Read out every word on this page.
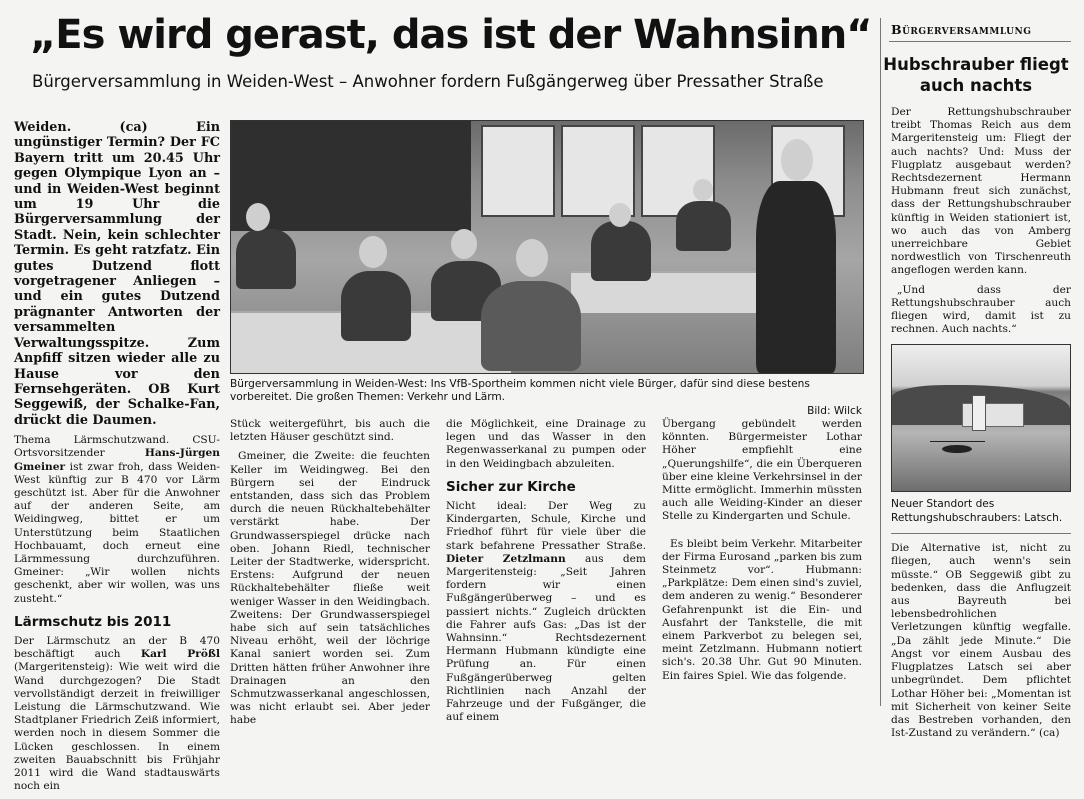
„Es wird gerast, das ist der Wahnsinn“
Bürgerversammlung in Weiden-West – Anwohner fordern Fußgängerweg über Pressather Straße

Weiden. (ca) Ein ungünstiger Termin? Der FC Bayern tritt um 20.45 Uhr gegen Olympique Lyon an – und in Weiden-West beginnt um 19 Uhr die Bürgerversammlung der Stadt. Nein, kein schlechter Termin. Es geht ratzfatz. Ein gutes Dutzend flott vorgetragener Anliegen – und ein gutes Dutzend prägnanter Antworten der versammelten Verwaltungsspitze. Zum Anpfiff sitzen wieder alle zu Hause vor den Fernsehgeräten. OB Kurt Seggewiß, der Schalke-Fan, drückt die Daumen.

Thema Lärmschutzwand. CSU-Ortsvorsitzender Hans-Jürgen Gmeiner ist zwar froh, dass Weiden-West künftig zur B 470 vor Lärm geschützt ist. Aber für die Anwohner auf der anderen Seite, am Weidingweg, bittet er um Unterstützung beim Staatlichen Hochbauamt, doch erneut eine Lärmmessung durchzuführen. Gmeiner: „Wir wollen nichts geschenkt, aber wir wollen, was uns zusteht.“

Lärmschutz bis 2011

Der Lärmschutz an der B 470 beschäftigt auch Karl Prößl (Margeritensteig): Wie weit wird die Wand durchgezogen? Die Stadt vervollständigt derzeit in freiwilliger Leistung die Lärmschutzwand. Wie Stadtplaner Friedrich Zeiß informiert, werden noch in diesem Sommer die Lücken geschlossen. In einem zweiten Bauabschnitt bis Frühjahr 2011 wird die Wand stadtauswärts noch ein

Bürgerversammlung in Weiden-West: Ins VfB-Sportheim kommen nicht viele Bürger, dafür sind diese bestens vorbereitet. Die großen Themen: Verkehr und Lärm.
Bild: Wilck

Stück weitergeführt, bis auch die letzten Häuser geschützt sind.

Gmeiner, die Zweite: die feuchten Keller im Weidingweg. Bei den Bürgern sei der Eindruck entstanden, dass sich das Problem durch die neuen Rückhaltebehälter verstärkt habe. Der Grundwasserspiegel drücke nach oben. Johann Riedl, technischer Leiter der Stadtwerke, widerspricht. Erstens: Aufgrund der neuen Rückhaltebehälter fließe weit weniger Wasser in den Weidingbach. Zweitens: Der Grundwasserspiegel habe sich auf sein tatsächliches Niveau erhöht, weil der löchrige Kanal saniert worden sei. Zum Dritten hätten früher Anwohner ihre Drainagen an den Schmutzwasserkanal angeschlossen, was nicht erlaubt sei. Aber jeder habe

die Möglichkeit, eine Drainage zu legen und das Wasser in den Regenwasserkanal zu pumpen oder in den Weidingbach abzuleiten.

Sicher zur Kirche

Nicht ideal: Der Weg zu Kindergarten, Schule, Kirche und Friedhof führt für viele über die stark befahrene Pressather Straße. Dieter Zetzlmann aus dem Margeritensteig: „Seit Jahren fordern wir einen Fußgängerüberweg – und es passiert nichts.“ Zugleich drückten die Fahrer aufs Gas: „Das ist der Wahnsinn.“ Rechtsdezernent Hermann Hubmann kündigte eine Prüfung an. Für einen Fußgängerüberweg gelten Richtlinien nach Anzahl der Fahrzeuge und der Fußgänger, die auf einem

Übergang gebündelt werden könnten. Bürgermeister Lothar Höher empfiehlt eine „Querungshilfe“, die ein Überqueren über eine kleine Verkehrsinsel in der Mitte ermöglicht. Immerhin müssten auch alle Weiding-Kinder an dieser Stelle zu Kindergarten und Schule.

Es bleibt beim Verkehr. Mitarbeiter der Firma Eurosand „parken bis zum Steinmetz vor“. Hubmann: „Parkplätze: Dem einen sind's zuviel, dem anderen zu wenig.“ Besonderer Gefahrenpunkt ist die Ein- und Ausfahrt der Tankstelle, die mit einem Parkverbot zu belegen sei, meint Zetzlmann. Hubmann notiert sich's. 20.38 Uhr. Gut 90 Minuten. Ein faires Spiel. Wie das folgende.

Bürgerversammlung
Hubschrauber fliegt auch nachts

Der Rettungshubschrauber treibt Thomas Reich aus dem Margeritensteig um: Fliegt der auch nachts? Und: Muss der Flugplatz ausgebaut werden? Rechtsdezernent Hermann Hubmann freut sich zunächst, dass der Rettungshubschrauber künftig in Weiden stationiert ist, wo auch das von Amberg unerreichbare Gebiet nordwestlich von Tirschenreuth angeflogen werden kann.

„Und dass der Rettungshubschrauber auch fliegen wird, damit ist zu rechnen. Auch nachts.“

Neuer Standort des Rettungshubschraubers: Latsch.

Die Alternative ist, nicht zu fliegen, auch wenn's sein müsste.“ OB Seggewiß gibt zu bedenken, dass die Anflugzeit aus Bayreuth bei lebensbedrohlichen Verletzungen künftig wegfalle. „Da zählt jede Minute.“ Die Angst vor einem Ausbau des Flugplatzes Latsch sei aber unbegründet. Dem pflichtet Lothar Höher bei: „Momentan ist mit Sicherheit von keiner Seite das Bestreben vorhanden, den Ist-Zustand zu verändern.“ (ca)
